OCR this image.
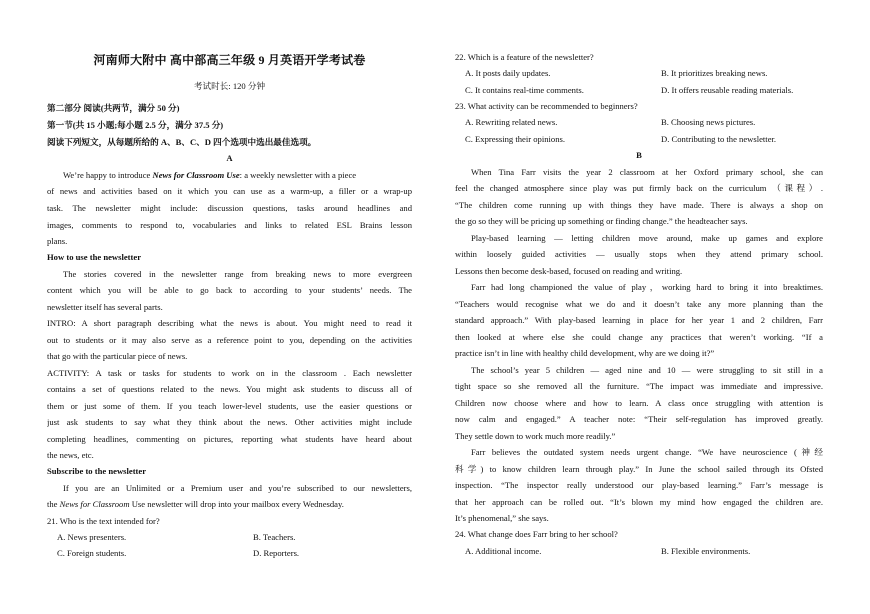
河南师大附中 高中部高三年级 9 月英语开学考试卷
考试时长: 120 分钟
第二部分 阅读(共两节，满分 50 分)
第一节(共 15 小题;每小题 2.5 分，满分 37.5 分)
阅读下列短文，从每题所给的 A、B、C、D 四个选项中选出最佳选项。
A
We’re happy to introduce News for Classroom Use: a weekly newsletter with a piece
of news and activities based on it which you can use as a warm-up, a filler or a wrap-up
task. The newsletter might include: discussion questions, tasks around headlines and
images, comments to respond to, vocabularies and links to related ESL Brains lesson
plans.
How to use the newsletter
The stories covered in the newsletter range from breaking news to more evergreen
content which you will be able to go back to according to your students’ needs. The
newsletter itself has several parts.
INTRO: A short paragraph describing what the news is about. You might need to read it
out to students or it may also serve as a reference point to you, depending on the activities
that go with the particular piece of news.
ACTIVITY: A task or tasks for students to work on in the classroom . Each newsletter
contains a set of questions related to the news. You might ask students to discuss all of
them or just some of them. If you teach lower-level students, use the easier questions or
just ask students to say what they think about the news. Other activities might include
completing headlines, commenting on pictures, reporting what students have heard about
the news, etc.
Subscribe to the newsletter
If you are an Unlimited or a Premium user and you’re subscribed to our newsletters,
the News for Classroom Use newsletter will drop into your mailbox every Wednesday.
21. Who is the text intended for?
A. News presenters.	B. Teachers.
C. Foreign students.	D. Reporters.
22. Which is a feature of the newsletter?
A. It posts daily updates.	B. It prioritizes breaking news.
C. It contains real-time comments.	D. It offers reusable reading materials.
23. What activity can be recommended to beginners?
A. Rewriting related news.	B. Choosing news pictures.
C. Expressing their opinions.	D. Contributing to the newsletter.
B
When Tina Farr visits the year 2 classroom at her Oxford primary school, she can
feel the changed atmosphere since play was put firmly back on the curriculum （课程）.
“The children come running up with things they have made. There is always a shop on
the go so they will be pricing up something or finding change.” the headteacher says.
Play-based learning — letting children move around, make up games and explore
within loosely guided activities — usually stops when they attend primary school.
Lessons then become desk-based, focused on reading and writing.
Farr had long championed the value of play，working hard to bring it into breaktimes.
“Teachers would recognise what we do and it doesn’t take any more planning than the
standard approach.” With play-based learning in place for her year 1 and 2 children, Farr
then looked at where else she could change any practices that weren’t working. “If a
practice isn’t in line with healthy child development, why are we doing it?”
The school’s year 5 children — aged nine and 10 — were struggling to sit still in a
tight space so she removed all the furniture. “The impact was immediate and impressive.
Children now choose where and how to learn. A class once struggling with attention is
now calm and engaged.” A teacher note: “Their self-regulation has improved greatly.
They settle down to work much more readily.”
Farr believes the outdated system needs urgent change. “We have neuroscience (神经
科学) to know children learn through play.” In June the school sailed through its Ofsted
inspection. “The inspector really understood our play-based learning.” Farr’s message is
that her approach can be rolled out. “It’s blown my mind how engaged the children are.
It’s phenomenal,” she says.
24. What change does Farr bring to her school?
A. Additional income.	B. Flexible environments.
